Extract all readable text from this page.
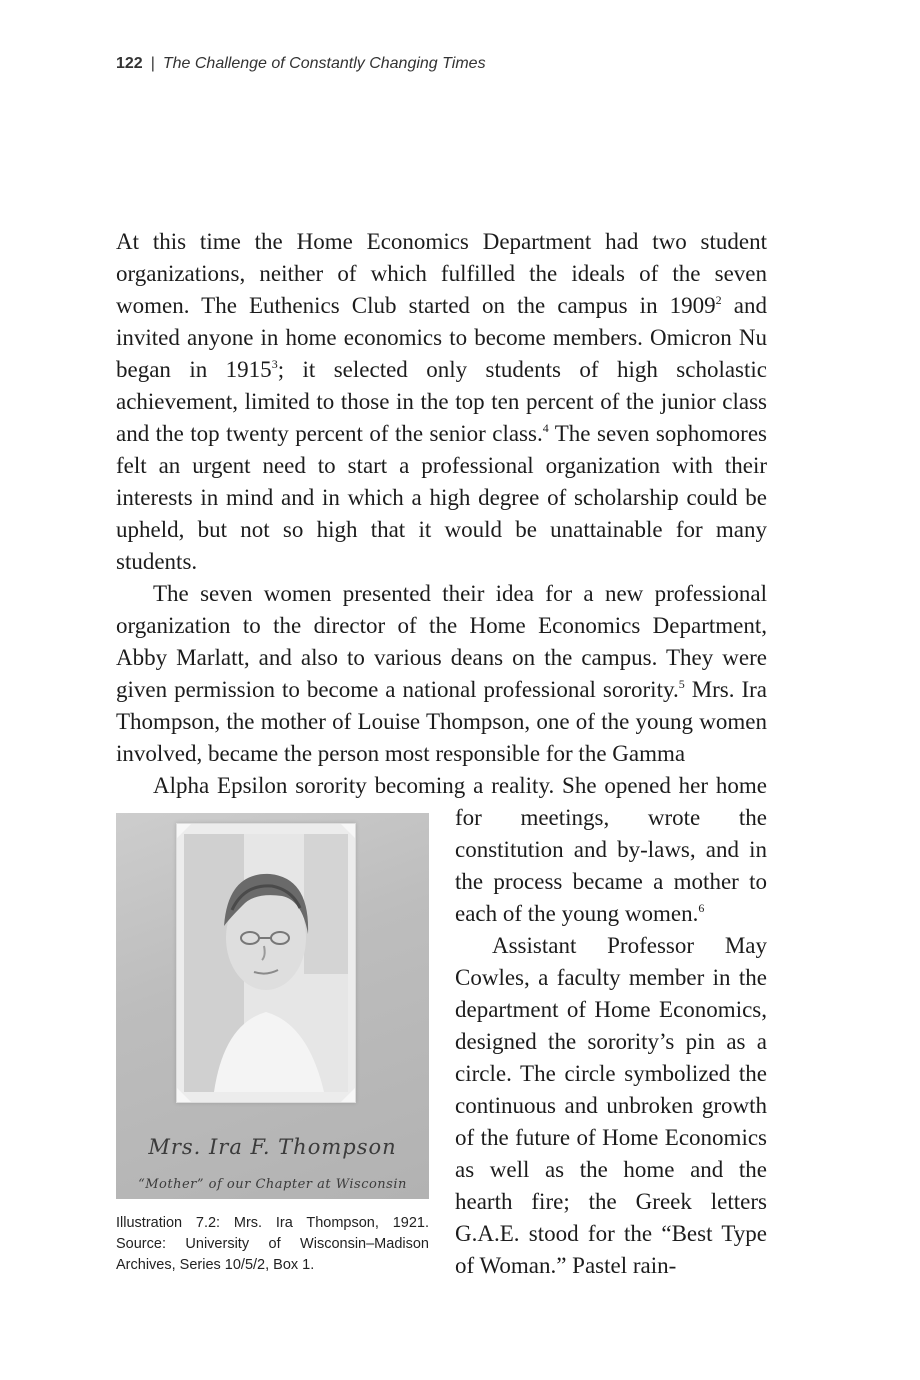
122 | The Challenge of Constantly Changing Times

At this time the Home Economics Department had two student organizations, neither of which fulfilled the ideals of the seven women. The Euthenics Club started on the campus in 1909$^2$ and invited anyone in home economics to become members. Omicron Nu began in 1915$^3$; it selected only students of high scholastic achievement, limited to those in the top ten percent of the junior class and the top twenty percent of the senior class.$^4$ The seven sophomores felt an urgent need to start a professional organization with their interests in mind and in which a high degree of scholarship could be upheld, but not so high that it would be unattainable for many students.

The seven women presented their idea for a new professional organization to the director of the Home Economics Department, Abby Marlatt, and also to various deans on the campus. They were given permission to become a national professional sorority.$^5$ Mrs. Ira Thompson, the mother of Louise Thompson, one of the young women involved, became the person most responsible for the Gamma
Alpha Epsilon sorority becoming a reality. She opened her home
Mrs. Ira F. Thompson
“Mother” of our Chapter at Wisconsin
Illustration 7.2: Mrs. Ira Thompson, 1921. Source: University of Wisconsin–Madison Archives, Series 10/5/2, Box 1.
for meetings, wrote the constitution and by-laws, and in the process became a mother to each of the young women.$^6$

Assistant Professor May Cowles, a faculty member in the department of Home Economics, designed the sorority’s pin as a circle. The circle symbolized the continuous and unbroken growth of the future of Home Economics as well as the home and the hearth fire; the Greek letters G.A.E. stood for the “Best Type of Woman.” Pastel rain-
